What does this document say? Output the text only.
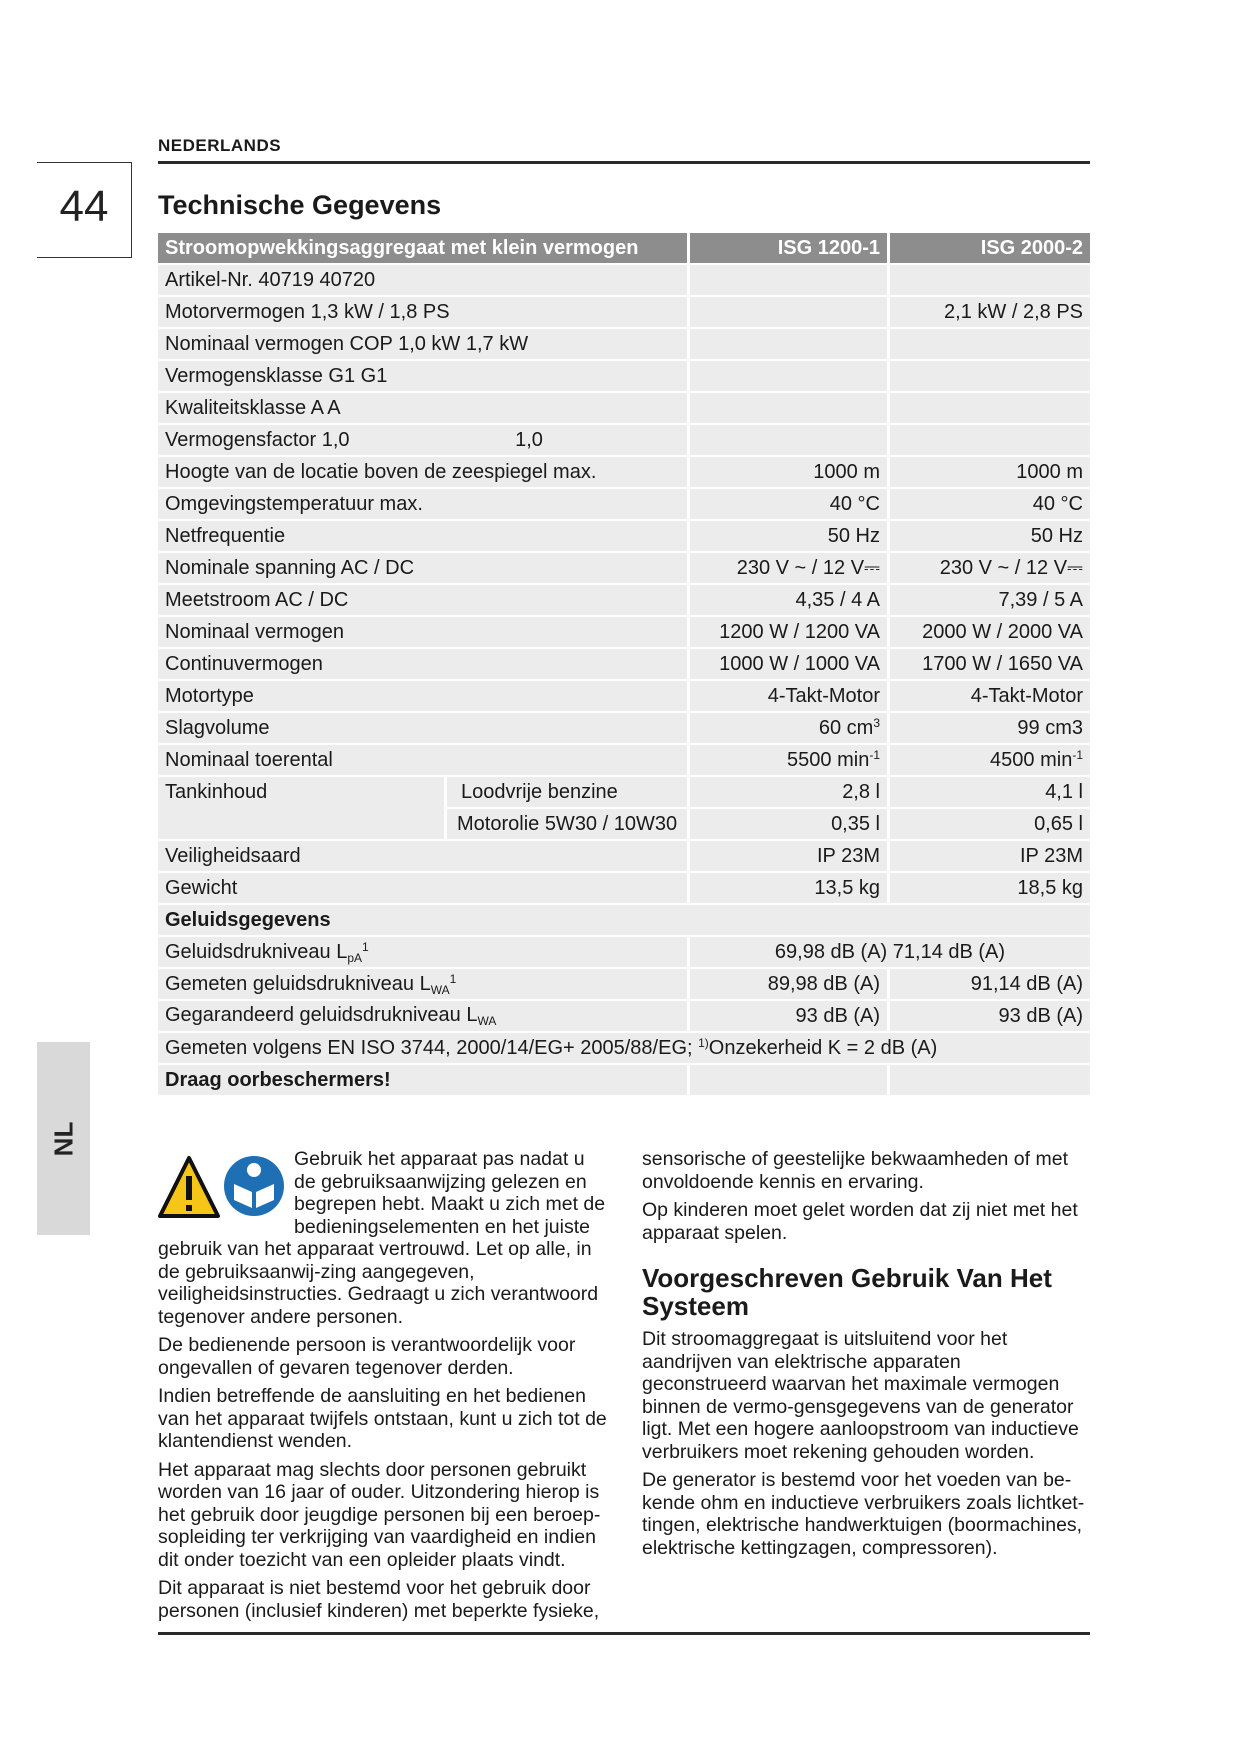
NEDERLANDS
44	Technische Gegevens
NL
Stroomopwekkingsaggregaat met klein vermogen		ISG 1200-1	ISG 2000-2
Artikel-Nr. 40719 40720			
Motorvermogen 1,3 kW / 1,8 PS			2,1 kW / 2,8 PS
Nominaal vermogen COP 1,0 kW 1,7 kW			
Vermogensklasse G1 G1			
Kwaliteitsklasse A A			
Vermogensfactor 1,0 1,0			
Hoogte van de locatie boven de zeespiegel max.		1000 m	1000 m
Omgevingstemperatuur max.		40 °C	40 °C
Netfrequentie		50 Hz	50 Hz
Nominale spanning AC / DC		230 V ~ / 12 V⎓	230 V ~ / 12 V⎓
Meetstroom AC / DC		4,35 / 4 A	7,39 / 5 A
Nominaal vermogen		1200 W / 1200 VA	2000 W / 2000 VA
Continuvermogen		1000 W / 1000 VA	1700 W / 1650 VA
Motortype		4-Takt-Motor	4-Takt-Motor
Slagvolume		60 $cm^3$	99 cm3
Nominaal toerental		5500 $\min^{-1}$	4500 $\min^{-1}$
Tankinhoud	Loodvrije benzine	2,8 l	4,1 l
	Motorolie 5W30 / 10W30	0,35 l	0,65 l
Veiligheidsaard		IP 23M	IP 23M
Gewicht		13,5 kg	18,5 kg
Geluidsgegevens			
Geluidsdrukniveau $L_{pA}^1$		69,98 dB (A) 71,14 dB (A)	
Gemeten geluidsdrukniveau $L_{WA}^1$		89,98 dB (A)	91,14 dB (A)
Gegarandeerd geluidsdrukniveau $L_{WA}$		93 dB (A)	93 dB (A)
Gemeten volgens EN ISO 3744, 2000/14/EG+ 2005/88/EG; $^{1)}$Onzekerheid K = 2 dB (A)			
Draag oorbeschermers!			

Gebruik het apparaat pas nadat u de gebruiksaanwijzing gelezen en begrepen hebt. Maakt u zich met de bedieningselementen en het juiste gebruik van het apparaat vertrouwd. Let op alle, in de gebruiksaanwij-zing aangegeven, veiligheidsinstructies. Gedraagt u zich verantwoord tegenover andere personen.

De bedienende persoon is verantwoordelijk voor ongevallen of gevaren tegenover derden.

Indien betreffende de aansluiting en het bedienen van het apparaat twijfels ontstaan, kunt u zich tot de klantendienst wenden.

Het apparaat mag slechts door personen gebruikt worden van 16 jaar of ouder. Uitzondering hierop is het gebruik door jeugdige personen bij een beroep-sopleiding ter verkrijging van vaardigheid en indien dit onder toezicht van een opleider plaats vindt.

Dit apparaat is niet bestemd voor het gebruik door personen (inclusief kinderen) met beperkte fysieke,

sensorische of geestelijke bekwaamheden of met onvoldoende kennis en ervaring.

Op kinderen moet gelet worden dat zij niet met het apparaat spelen.

Voorgeschreven Gebruik Van Het Systeem

Dit stroomaggregaat is uitsluitend voor het aandrijven van elektrische apparaten geconstrueerd waarvan het maximale vermogen binnen de vermo-gensgegevens van de generator ligt. Met een hogere aanloopstroom van inductieve verbruikers moet rekening gehouden worden.

De generator is bestemd voor het voeden van be-kende ohm en inductieve verbruikers zoals lichtket-tingen, elektrische handwerktuigen (boormachines, elektrische kettingzagen, compressoren).
